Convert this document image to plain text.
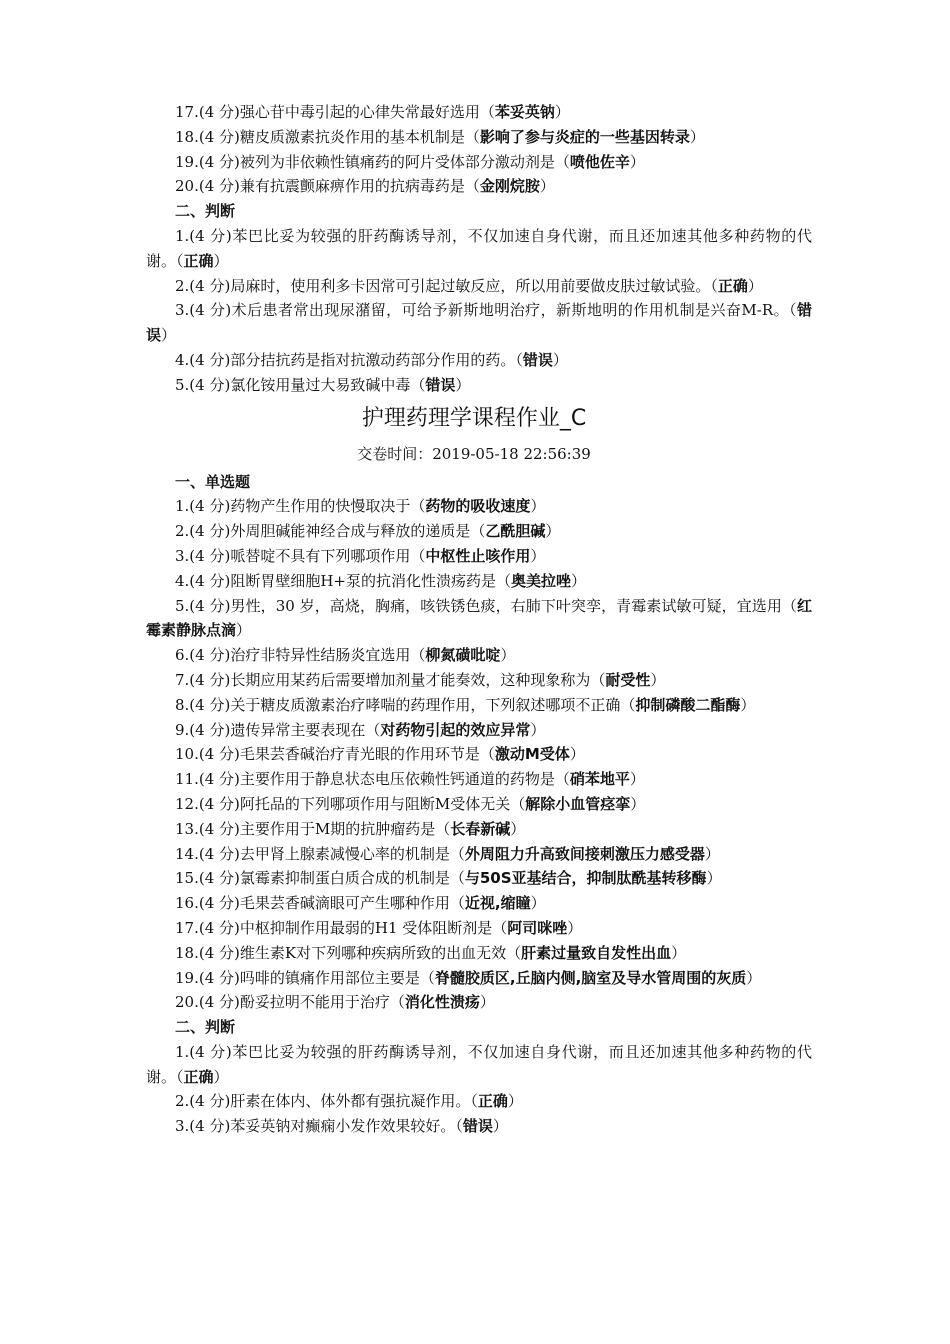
17.(4 分)强心苷中毒引起的心律失常最好选用（苯妥英钠）
18.(4 分)糖皮质激素抗炎作用的基本机制是（影响了参与炎症的一些基因转录）
19.(4 分)被列为非依赖性镇痛药的阿片受体部分激动剂是（喷他佐辛）
20.(4 分)兼有抗震颤麻痹作用的抗病毒药是（金刚烷胺）
二、判断
1.(4 分)苯巴比妥为较强的肝药酶诱导剂，不仅加速自身代谢，而且还加速其他多种药物的代谢。（正确）
2.(4 分)局麻时，使用利多卡因常可引起过敏反应，所以用前要做皮肤过敏试验。（正确）
3.(4 分)术后患者常出现尿潴留，可给予新斯地明治疗，新斯地明的作用机制是兴奋M-R。（错误）
4.(4 分)部分拮抗药是指对抗激动药部分作用的药。（错误）
5.(4 分)氯化铵用量过大易致碱中毒（错误）
护理药理学课程作业_C
交卷时间：2019-05-18 22:56:39
一、单选题
1.(4 分)药物产生作用的快慢取决于（药物的吸收速度）
2.(4 分)外周胆碱能神经合成与释放的递质是（乙酰胆碱）
3.(4 分)哌替啶不具有下列哪项作用（中枢性止咳作用）
4.(4 分)阻断胃壁细胞H+泵的抗消化性溃疡药是（奥美拉唑）
5.(4 分)男性，30 岁，高烧，胸痛，咳铁锈色痰，右肺下叶突孪，青霉素试敏可疑，宜选用（红霉素静脉点滴）
6.(4 分)治疗非特异性结肠炎宜选用（柳氮磺吡啶）
7.(4 分)长期应用某药后需要增加剂量才能奏效，这种现象称为（耐受性）
8.(4 分)关于糖皮质激素治疗哮喘的药理作用，下列叙述哪项不正确（抑制磷酸二酯酶）
9.(4 分)遗传异常主要表现在（对药物引起的效应异常）
10.(4 分)毛果芸香碱治疗青光眼的作用环节是（激动M受体）
11.(4 分)主要作用于静息状态电压依赖性钙通道的药物是（硝苯地平）
12.(4 分)阿托品的下列哪项作用与阻断M受体无关（解除小血管痉挛）
13.(4 分)主要作用于M期的抗肿瘤药是（长春新碱）
14.(4 分)去甲肾上腺素减慢心率的机制是（外周阻力升高致间接刺激压力感受器）
15.(4 分)氯霉素抑制蛋白质合成的机制是（与50S亚基结合，抑制肽酰基转移酶）
16.(4 分)毛果芸香碱滴眼可产生哪种作用（近视,缩瞳）
17.(4 分)中枢抑制作用最弱的H1 受体阻断剂是（阿司咪唑）
18.(4 分)维生素K对下列哪种疾病所致的出血无效（肝素过量致自发性出血）
19.(4 分)吗啡的镇痛作用部位主要是（脊髓胶质区,丘脑内侧,脑室及导水管周围的灰质）
20.(4 分)酚妥拉明不能用于治疗（消化性溃疡）
二、判断
1.(4 分)苯巴比妥为较强的肝药酶诱导剂，不仅加速自身代谢，而且还加速其他多种药物的代谢。（正确）
2.(4 分)肝素在体内、体外都有强抗凝作用。（正确）
3.(4 分)苯妥英钠对癫痫小发作效果较好。（错误）
